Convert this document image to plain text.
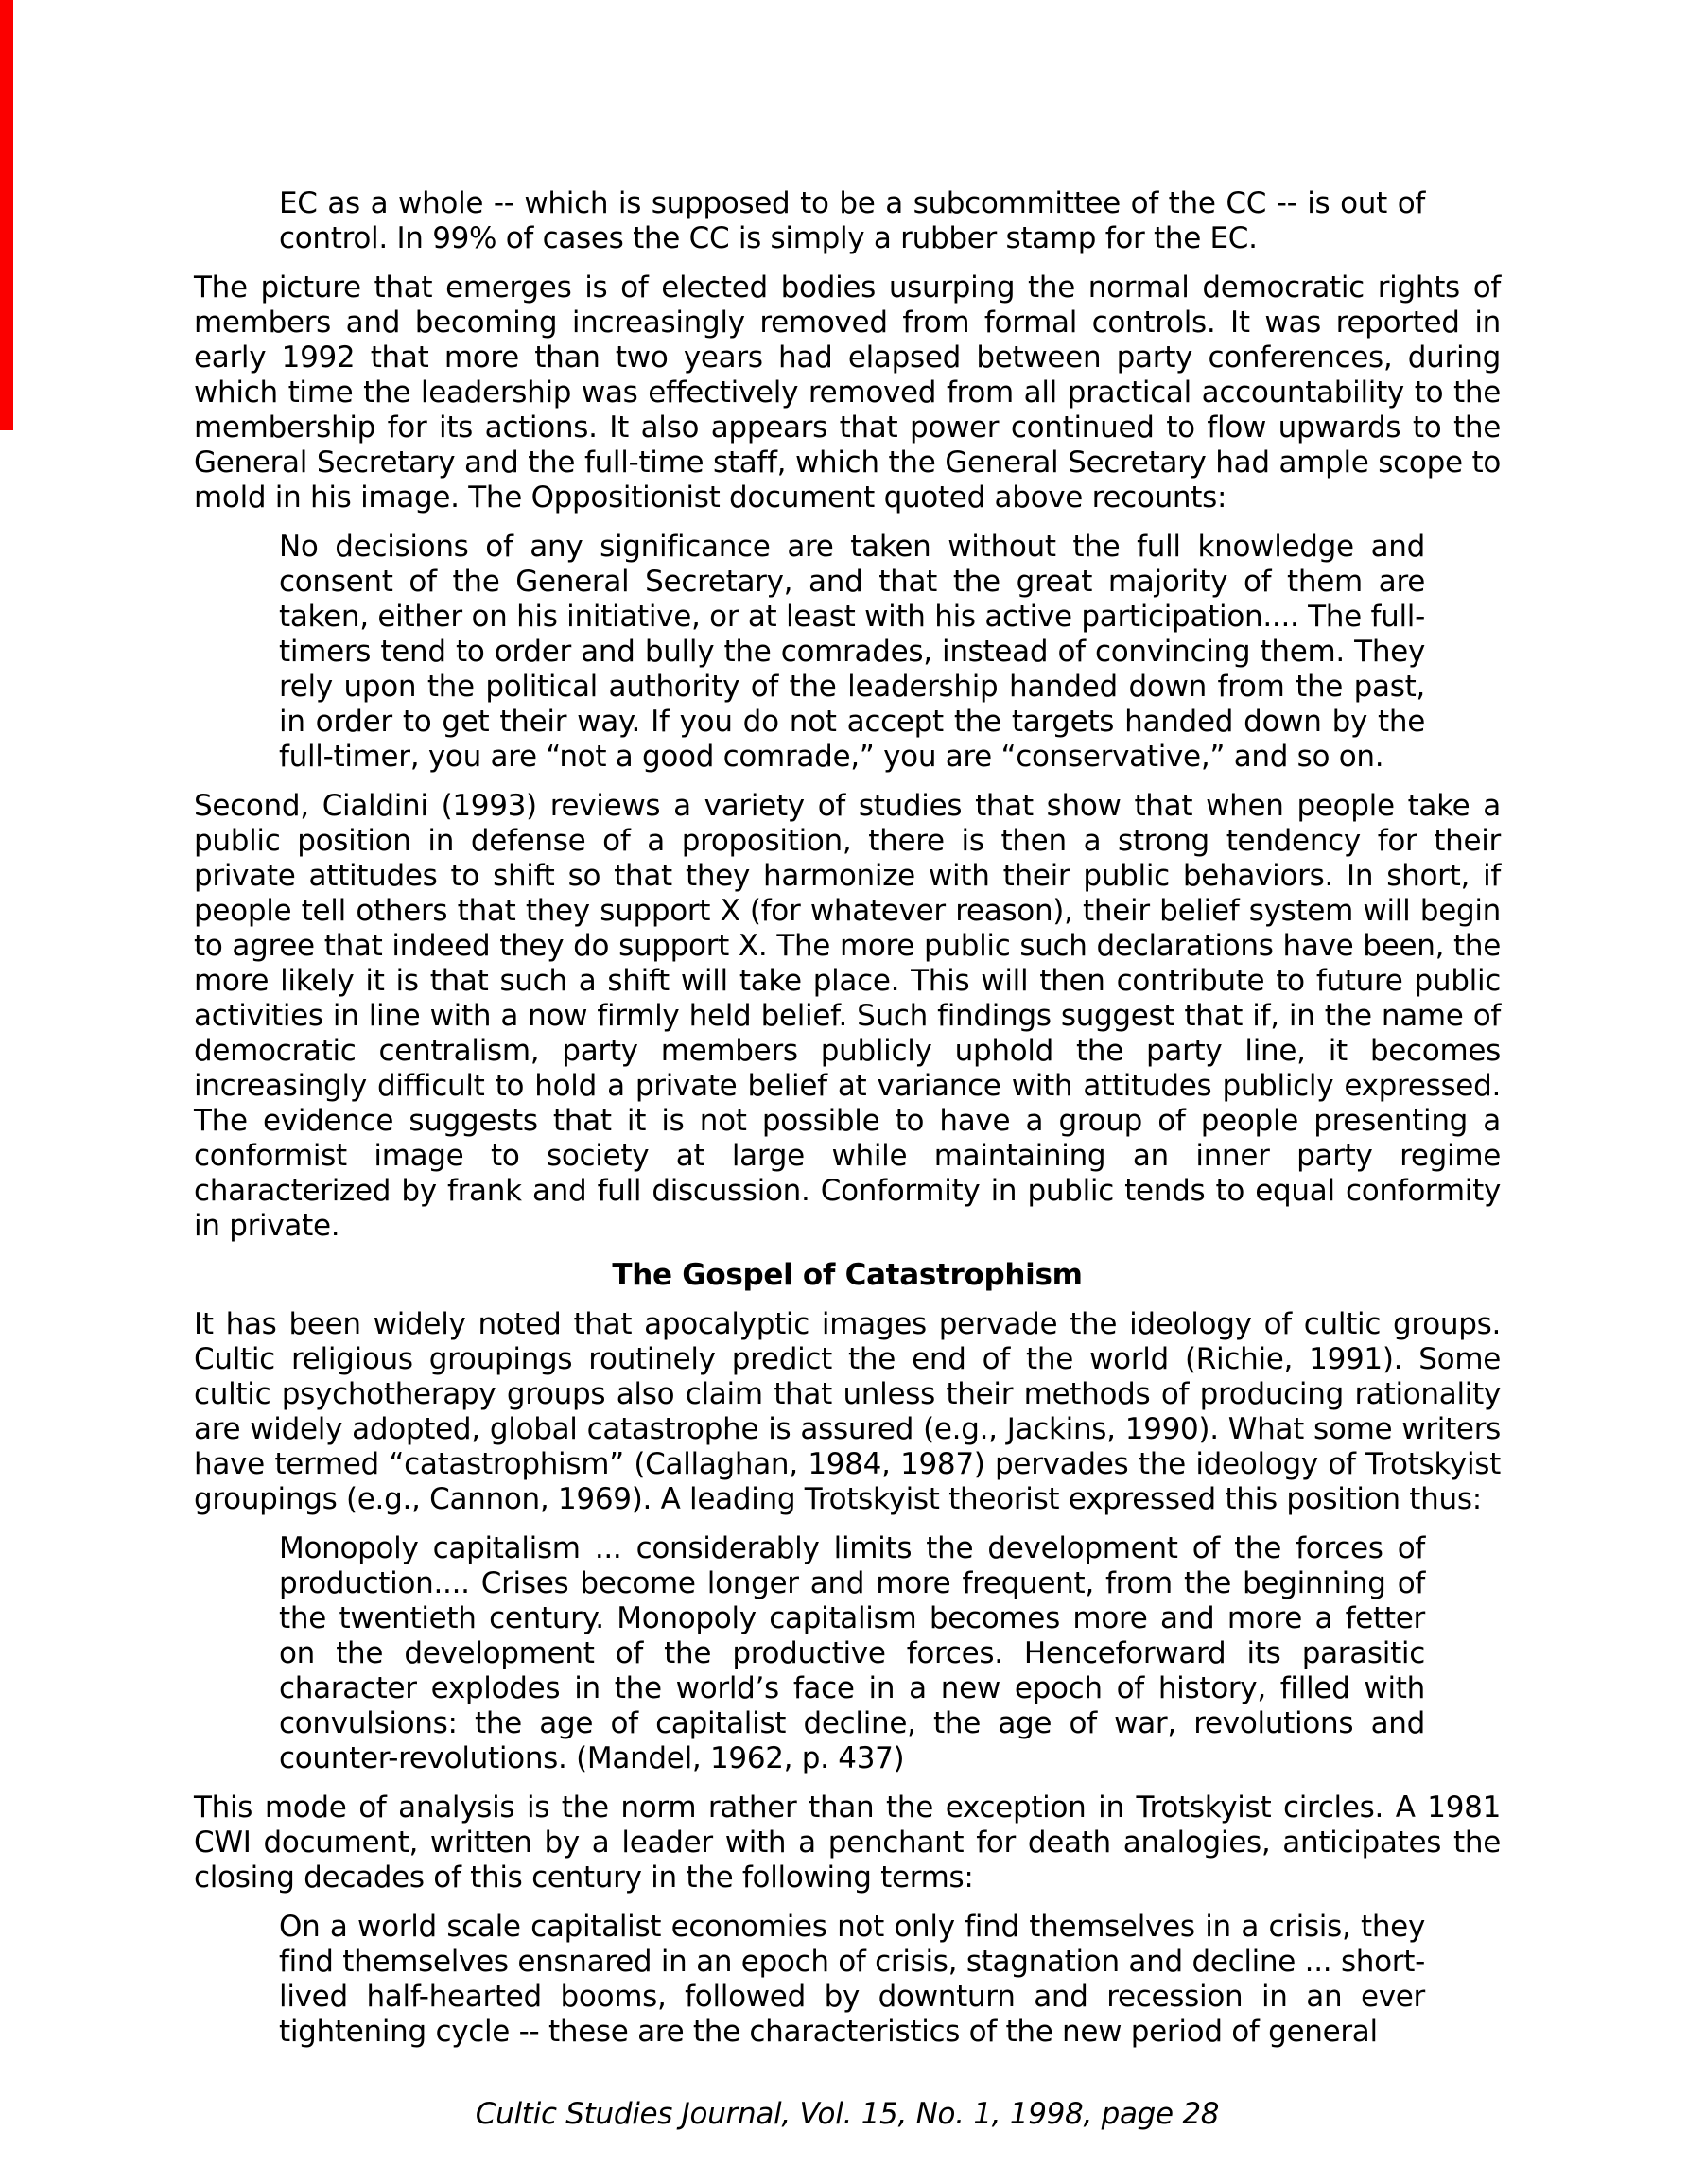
EC as a whole -- which is supposed to be a subcommittee of the CC -- is out of control. In 99% of cases the CC is simply a rubber stamp for the EC.

The picture that emerges is of elected bodies usurping the normal democratic rights of members and becoming increasingly removed from formal controls. It was reported in early 1992 that more than two years had elapsed between party conferences, during which time the leadership was effectively removed from all practical accountability to the membership for its actions. It also appears that power continued to flow upwards to the General Secretary and the full-time staff, which the General Secretary had ample scope to mold in his image. The Oppositionist document quoted above recounts:

No decisions of any significance are taken without the full knowledge and consent of the General Secretary, and that the great majority of them are taken, either on his initiative, or at least with his active participation.... The full-timers tend to order and bully the comrades, instead of convincing them. They rely upon the political authority of the leadership handed down from the past, in order to get their way. If you do not accept the targets handed down by the full-timer, you are “not a good comrade,” you are “conservative,” and so on.

Second, Cialdini (1993) reviews a variety of studies that show that when people take a public position in defense of a proposition, there is then a strong tendency for their private attitudes to shift so that they harmonize with their public behaviors. In short, if people tell others that they support X (for whatever reason), their belief system will begin to agree that indeed they do support X. The more public such declarations have been, the more likely it is that such a shift will take place. This will then contribute to future public activities in line with a now firmly held belief. Such findings suggest that if, in the name of democratic centralism, party members publicly uphold the party line, it becomes increasingly difficult to hold a private belief at variance with attitudes publicly expressed. The evidence suggests that it is not possible to have a group of people presenting a conformist image to society at large while maintaining an inner party regime characterized by frank and full discussion. Conformity in public tends to equal conformity in private.

The Gospel of Catastrophism

It has been widely noted that apocalyptic images pervade the ideology of cultic groups. Cultic religious groupings routinely predict the end of the world (Richie, 1991). Some cultic psychotherapy groups also claim that unless their methods of producing rationality are widely adopted, global catastrophe is assured (e.g., Jackins, 1990). What some writers have termed “catastrophism” (Callaghan, 1984, 1987) pervades the ideology of Trotskyist groupings (e.g., Cannon, 1969). A leading Trotskyist theorist expressed this position thus:

Monopoly capitalism ... considerably limits the development of the forces of production.... Crises become longer and more frequent, from the beginning of the twentieth century. Monopoly capitalism becomes more and more a fetter on the development of the productive forces. Henceforward its parasitic character explodes in the world’s face in a new epoch of history, filled with convulsions: the age of capitalist decline, the age of war, revolutions and counter-revolutions. (Mandel, 1962, p. 437)

This mode of analysis is the norm rather than the exception in Trotskyist circles. A 1981 CWI document, written by a leader with a penchant for death analogies, anticipates the closing decades of this century in the following terms:

On a world scale capitalist economies not only find themselves in a crisis, they find themselves ensnared in an epoch of crisis, stagnation and decline ... short-lived half-hearted booms, followed by downturn and recession in an ever tightening cycle -- these are the characteristics of the new period of general

Cultic Studies Journal, Vol. 15, No. 1, 1998, page 28
